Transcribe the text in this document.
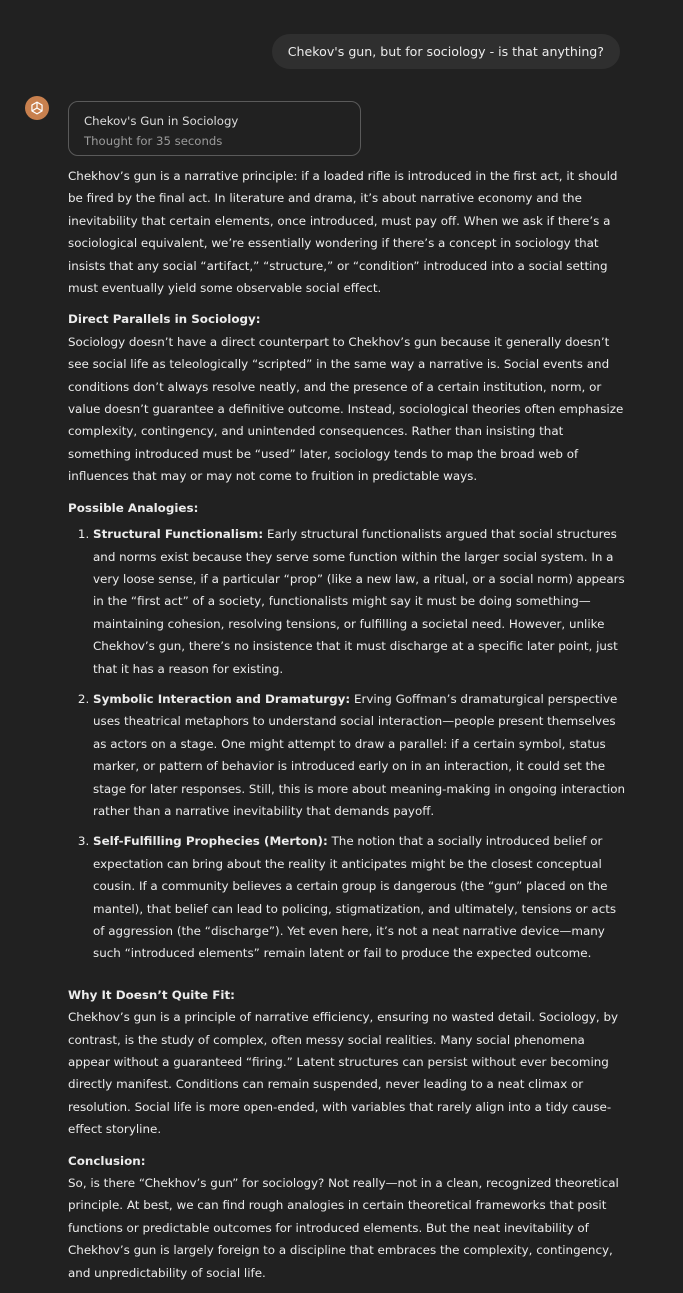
Chekov's gun, but for sociology - is that anything?
Chekov's Gun in Sociology
Thought for 35 seconds

Chekhov’s gun is a narrative principle: if a loaded rifle is introduced in the first act, it should be fired by the final act. In literature and drama, it’s about narrative economy and the inevitability that certain elements, once introduced, must pay off. When we ask if there’s a sociological equivalent, we’re essentially wondering if there’s a concept in sociology that insists that any social “artifact,” “structure,” or “condition” introduced into a social setting must eventually yield some observable social effect.

Direct Parallels in Sociology:
Sociology doesn’t have a direct counterpart to Chekhov’s gun because it generally doesn’t see social life as teleologically “scripted” in the same way a narrative is. Social events and conditions don’t always resolve neatly, and the presence of a certain institution, norm, or value doesn’t guarantee a definitive outcome. Instead, sociological theories often emphasize complexity, contingency, and unintended consequences. Rather than insisting that something introduced must be “used” later, sociology tends to map the broad web of influences that may or may not come to fruition in predictable ways.

Possible Analogies:

1. Structural Functionalism: Early structural functionalists argued that social structures and norms exist because they serve some function within the larger social system. In a very loose sense, if a particular “prop” (like a new law, a ritual, or a social norm) appears in the “first act” of a society, functionalists might say it must be doing something—maintaining cohesion, resolving tensions, or fulfilling a societal need. However, unlike Chekhov’s gun, there’s no insistence that it must discharge at a specific later point, just that it has a reason for existing.
2. Symbolic Interaction and Dramaturgy: Erving Goffman’s dramaturgical perspective uses theatrical metaphors to understand social interaction—people present themselves as actors on a stage. One might attempt to draw a parallel: if a certain symbol, status marker, or pattern of behavior is introduced early on in an interaction, it could set the stage for later responses. Still, this is more about meaning-making in ongoing interaction rather than a narrative inevitability that demands payoff.
3. Self-Fulfilling Prophecies (Merton): The notion that a socially introduced belief or expectation can bring about the reality it anticipates might be the closest conceptual cousin. If a community believes a certain group is dangerous (the “gun” placed on the mantel), that belief can lead to policing, stigmatization, and ultimately, tensions or acts of aggression (the “discharge”). Yet even here, it’s not a neat narrative device—many such “introduced elements” remain latent or fail to produce the expected outcome.

Why It Doesn’t Quite Fit:
Chekhov’s gun is a principle of narrative efficiency, ensuring no wasted detail. Sociology, by contrast, is the study of complex, often messy social realities. Many social phenomena appear without a guaranteed “firing.” Latent structures can persist without ever becoming directly manifest. Conditions can remain suspended, never leading to a neat climax or resolution. Social life is more open-ended, with variables that rarely align into a tidy cause-effect storyline.

Conclusion:
So, is there “Chekhov’s gun” for sociology? Not really—not in a clean, recognized theoretical principle. At best, we can find rough analogies in certain theoretical frameworks that posit functions or predictable outcomes for introduced elements. But the neat inevitability of Chekhov’s gun is largely foreign to a discipline that embraces the complexity, contingency, and unpredictability of social life.
